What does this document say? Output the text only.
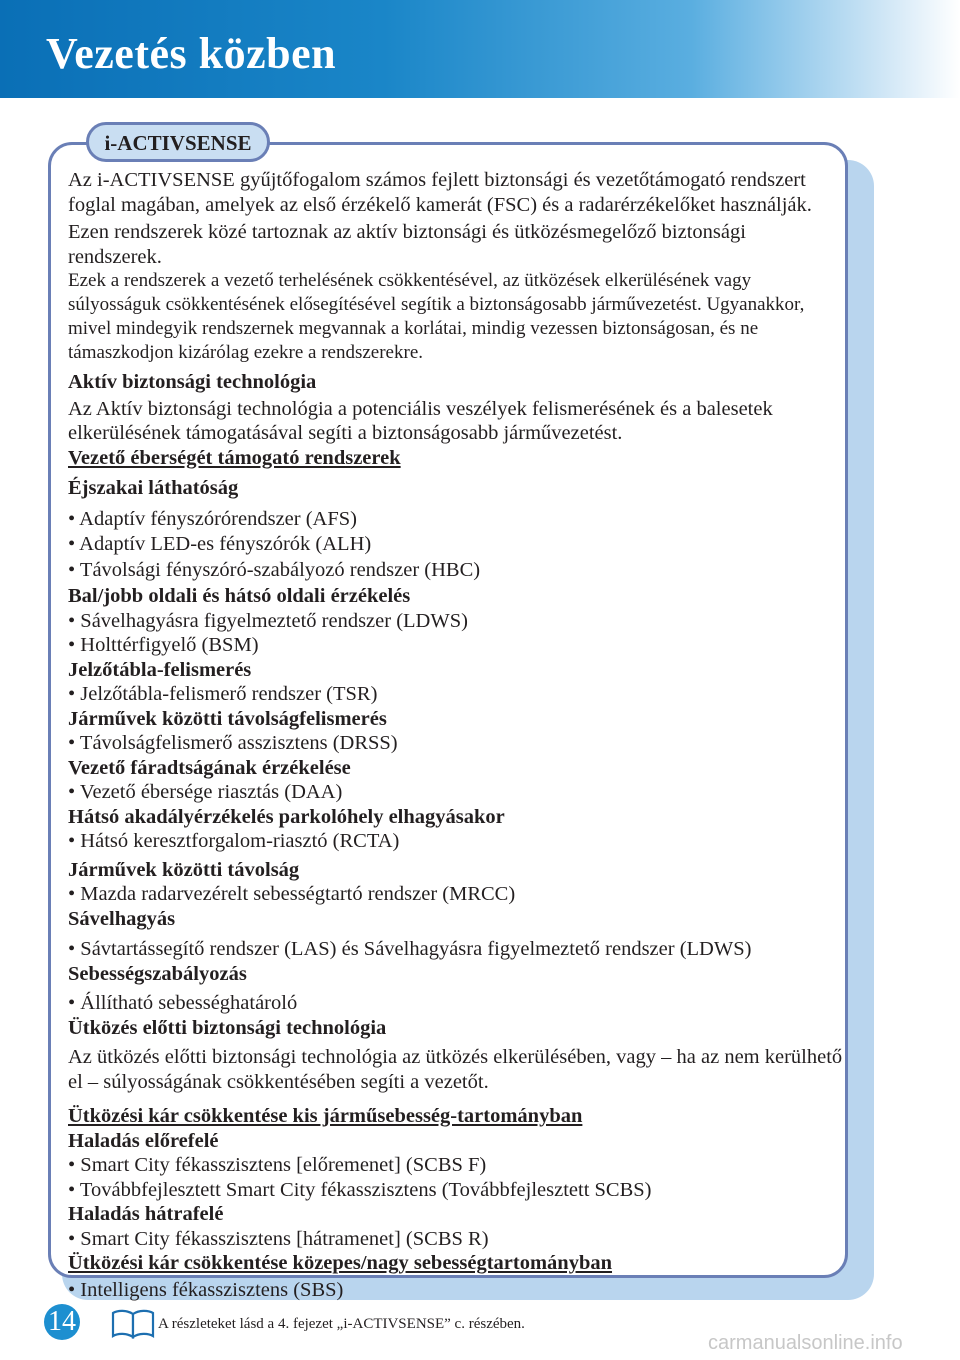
Vezetés közben
i-ACTIVSENSE

Az i-ACTIVSENSE gyűjtőfogalom számos fejlett biztonsági és vezetőtámogató rendszert foglal magában, amelyek az első érzékelő kamerát (FSC) és a radarérzékelőket használják.

Ezen rendszerek közé tartoznak az aktív biztonsági és ütközésmegelőző biztonsági rendszerek.

Ezek a rendszerek a vezető terhelésének csökkentésével, az ütközések elkerülésének vagy súlyosságuk csökkentésének elősegítésével segítik a biztonságosabb járművezetést. Ugyanakkor, mivel mindegyik rendszernek megvannak a korlátai, mindig vezessen biztonságosan, és ne támaszkodjon kizárólag ezekre a rendszerekre.

Aktív biztonsági technológia

Az Aktív biztonsági technológia a potenciális veszélyek felismerésének és a balesetek elkerülésének támogatásával segíti a biztonságosabb járművezetést.

Vezető éberségét támogató rendszerek

Éjszakai láthatóság

• Adaptív fényszórórendszer (AFS)

• Adaptív LED-es fényszórók (ALH)

• Távolsági fényszóró-szabályozó rendszer (HBC)

Bal/jobb oldali és hátsó oldali érzékelés

• Sávelhagyásra figyelmeztető rendszer (LDWS)

• Holttérfigyelő (BSM)

Jelzőtábla-felismerés

• Jelzőtábla-felismerő rendszer (TSR)

Járművek közötti távolságfelismerés

• Távolságfelismerő asszisztens (DRSS)

Vezető fáradtságának érzékelése

• Vezető ébersége riasztás (DAA)

Hátsó akadályérzékelés parkolóhely elhagyásakor

• Hátsó keresztforgalom-riasztó (RCTA)

Járművek közötti távolság

• Mazda radarvezérelt sebességtartó rendszer (MRCC)

Sávelhagyás

• Sávtartássegítő rendszer (LAS) és Sávelhagyásra figyelmeztető rendszer (LDWS)

Sebességszabályozás

• Állítható sebességhatároló

Ütközés előtti biztonsági technológia

Az ütközés előtti biztonsági technológia az ütközés elkerülésében, vagy – ha az nem kerülhető el – súlyosságának csökkentésében segíti a vezetőt.

Ütközési kár csökkentése kis járműsebesség-tartományban

Haladás előrefelé

• Smart City fékasszisztens [előremenet] (SCBS F)

• Továbbfejlesztett Smart City fékasszisztens (Továbbfejlesztett SCBS)

Haladás hátrafelé

• Smart City fékasszisztens [hátramenet] (SCBS R)

Ütközési kár csökkentése közepes/nagy sebességtartományban

• Intelligens fékasszisztens (SBS)

14	A részleteket lásd a 4. fejezet „i-ACTIVSENSE” c. részében.
carmanualsonline.info
